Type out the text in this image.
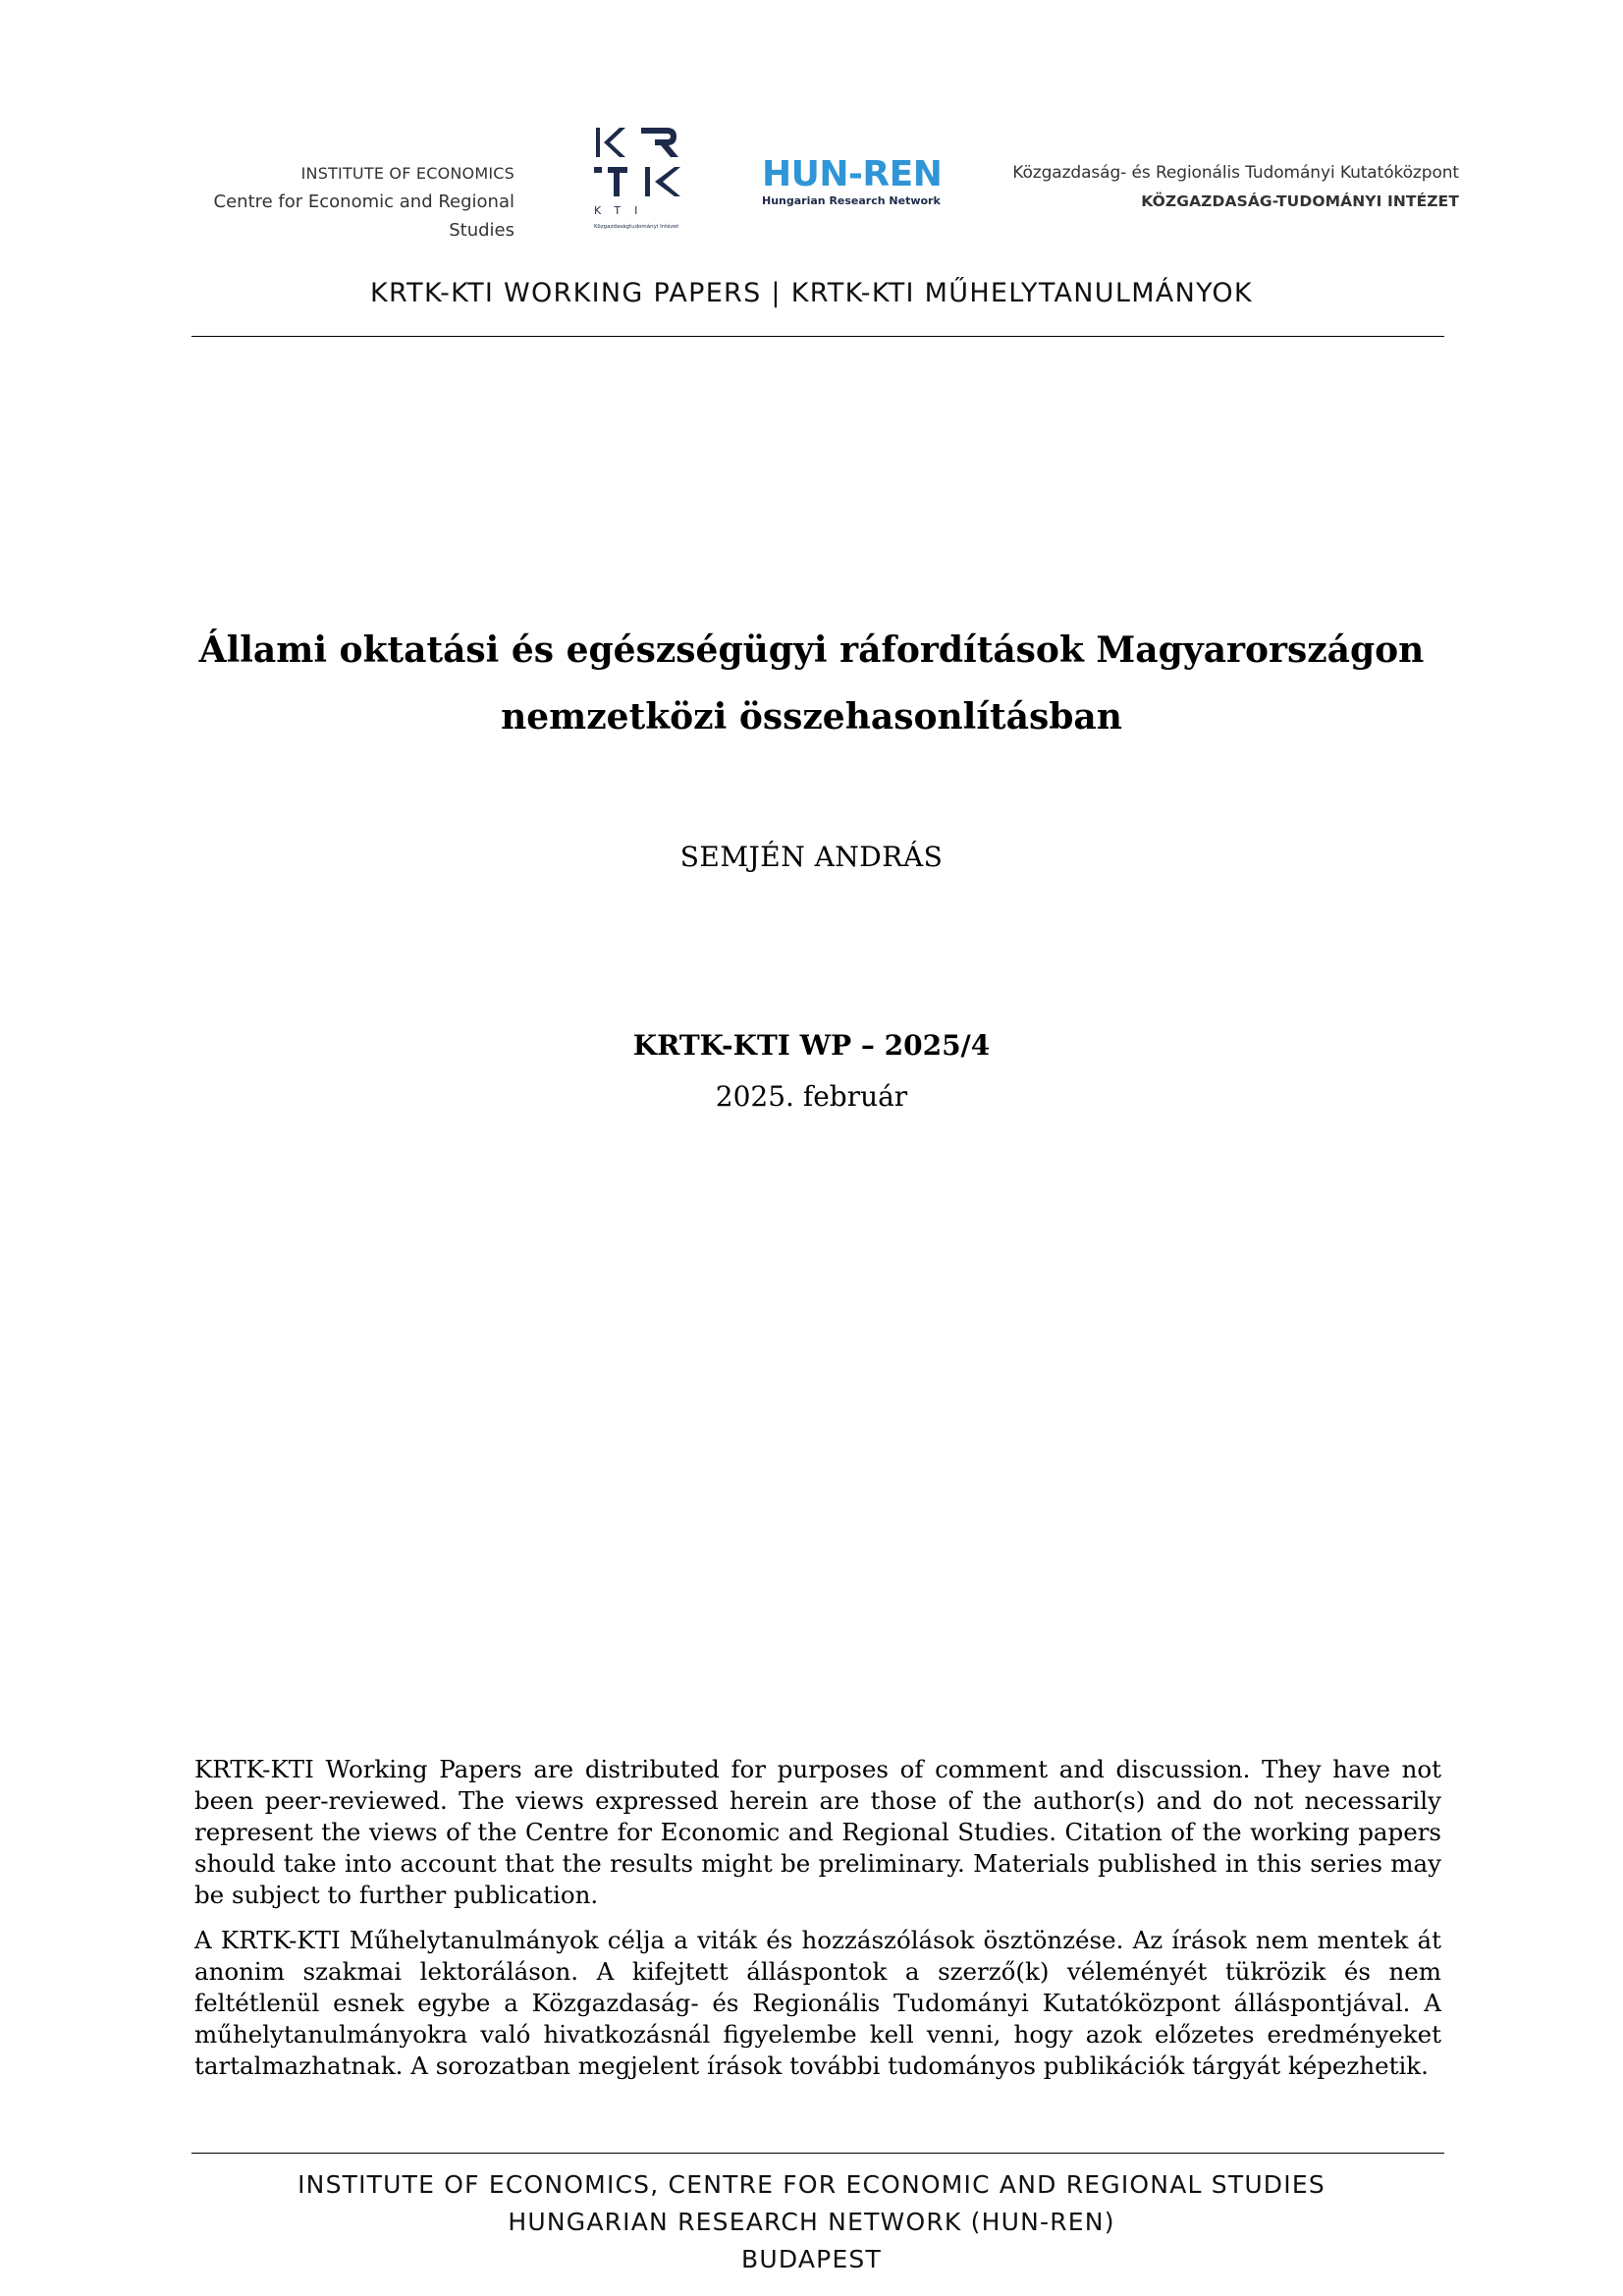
INSTITUTE OF ECONOMICS
Centre for Economic and Regional Studies
KTI
Közgazdaságtudományi Intézet
HUN-REN
Hungarian Research Network
Közgazdaság- és Regionális Tudományi Kutatóközpont
KÖZGAZDASÁG-TUDOMÁNYI INTÉZET
KRTK-KTI WORKING PAPERS | KRTK-KTI MŰHELYTANULMÁNYOK
Állami oktatási és egészségügyi ráfordítások Magyarországon
nemzetközi összehasonlításban
SEMJÉN ANDRÁS
KRTK-KTI WP – 2025/4
2025. február
KRTK-KTI Working Papers are distributed for purposes of comment and discussion. They have not been peer-reviewed. The views expressed herein are those of the author(s) and do not necessarily represent the views of the Centre for Economic and Regional Studies. Citation of the working papers should take into account that the results might be preliminary. Materials published in this series may be subject to further publication.
A KRTK-KTI Műhelytanulmányok célja a viták és hozzászólások ösztönzése. Az írások nem mentek át anonim szakmai lektoráláson. A kifejtett álláspontok a szerző(k) véleményét tükrözik és nem feltétlenül esnek egybe a Közgazdaság- és Regionális Tudományi Kutatóközpont álláspontjával. A műhelytanulmányokra való hivatkozásnál figyelembe kell venni, hogy azok előzetes eredményeket tartalmazhatnak. A sorozatban megjelent írások további tudományos publikációk tárgyát képezhetik.
INSTITUTE OF ECONOMICS, CENTRE FOR ECONOMIC AND REGIONAL STUDIES
HUNGARIAN RESEARCH NETWORK (HUN-REN)
BUDAPEST
